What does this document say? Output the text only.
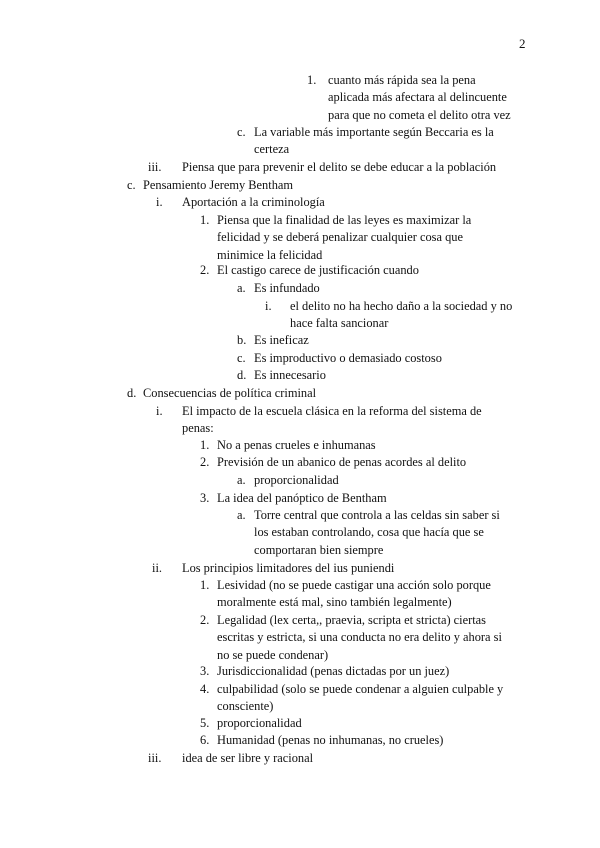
2
1. cuanto más rápida sea la pena
aplicada más afectara al delincuente
para que no cometa el delito otra vez
c. La variable más importante según Beccaria es la
certeza
iii. Piensa que para prevenir el delito se debe educar a la población
c. Pensamiento Jeremy Bentham
i. Aportación a la criminología
1. Piensa que la finalidad de las leyes es maximizar la
felicidad y se deberá penalizar cualquier cosa que
minimice la felicidad
2. El castigo carece de justificación cuando
a. Es infundado
i. el delito no ha hecho daño a la sociedad y no
hace falta sancionar
b. Es ineficaz
c. Es improductivo o demasiado costoso
d. Es innecesario
d. Consecuencias de política criminal
i. El impacto de la escuela clásica en la reforma del sistema de
penas:
1. No a penas crueles e inhumanas
2. Previsión de un abanico de penas acordes al delito
a. proporcionalidad
3. La idea del panóptico de Bentham
a. Torre central que controla a las celdas sin saber si
los estaban controlando, cosa que hacía que se
comportaran bien siempre
ii. Los principios limitadores del ius puniendi
1. Lesividad (no se puede castigar una acción solo porque
moralmente está mal, sino también legalmente)
2. Legalidad (lex certa,, praevia, scripta et stricta) ciertas
escritas y estricta, si una conducta no era delito y ahora si
no se puede condenar)
3. Jurisdiccionalidad (penas dictadas por un juez)
4. culpabilidad (solo se puede condenar a alguien culpable y
consciente)
5. proporcionalidad
6. Humanidad (penas no inhumanas, no crueles)
iii. idea de ser libre y racional
